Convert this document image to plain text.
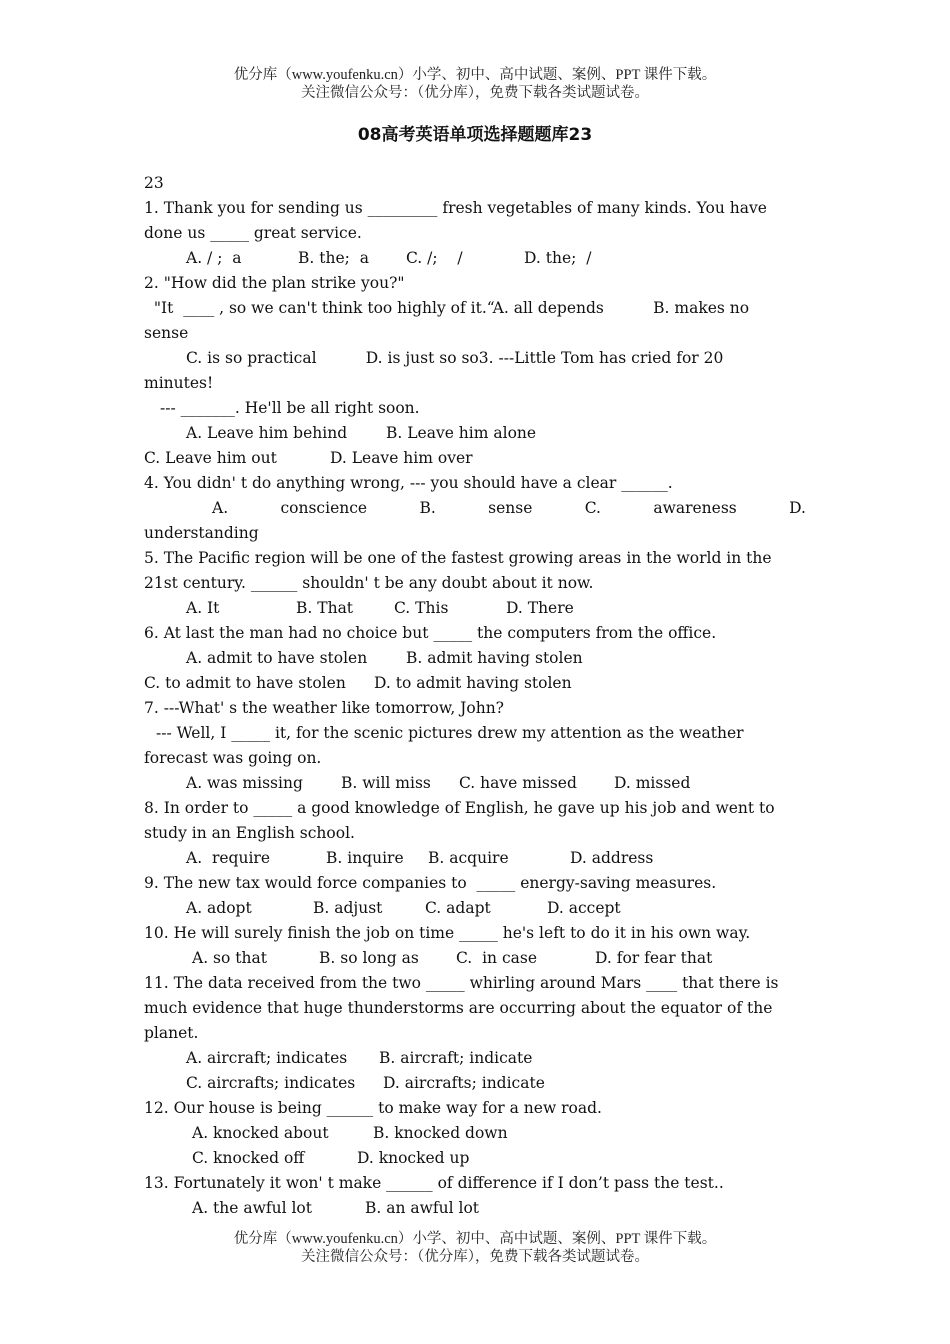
优分库（www.youfenku.cn）小学、初中、高中试题、案例、PPT 课件下载。
关注微信公众号：（优分库），免费下载各类试题试卷。
08高考英语单项选择题题库23

23

1. Thank you for sending us _________ fresh vegetables of many kinds. You have

done us _____ great service.

A. / ;  a	B. the;  a	C. /;    /	D. the;  /

2. "How did the plan strike you?"

"It  ____ , so we can't think too highly of it.“A. all depends          B. makes no

sense

C. is so practical          D. is just so so3. ---Little Tom has cried for 20

minutes!

--- _______. He'll be all right soon.

A. Leave him behind	B. Leave him alone
C. Leave him out	D. Leave him over

4. You didn' t do anything wrong, --- you should have a clear ______.

A.	conscience	B.	sense	C.	awareness	D.

understanding

5. The Pacific region will be one of the fastest growing areas in the world in the

21st century. ______ shouldn' t be any doubt about it now.

A. It	B. That	C. This	D. There

6. At last the man had no choice but _____ the computers from the office.

A. admit to have stolen	B. admit having stolen
C. to admit to have stolen	D. to admit having stolen

7. ---What' s the weather like tomorrow, John?

--- Well, I _____ it, for the scenic pictures drew my attention as the weather

forecast was going on.

A. was missing	B. will miss	C. have missed	D. missed

8. In order to _____ a good knowledge of English, he gave up his job and went to

study in an English school.

A.  require	B. inquire	B. acquire	D. address

9. The new tax would force companies to  _____ energy-saving measures.

A. adopt	B. adjust	C. adapt	D. accept

10. He will surely finish the job on time _____ he's left to do it in his own way.

A. so that	B. so long as	C.  in case	D. for fear that

11. The data received from the two _____ whirling around Mars ____ that there is

much evidence that huge thunderstorms are occurring about the equator of the

planet.

A. aircraft; indicates	B. aircraft; indicate
C. aircrafts; indicates	D. aircrafts; indicate

12. Our house is being ______ to make way for a new road.

A. knocked about	B. knocked down
C. knocked off	D. knocked up

13. Fortunately it won' t make ______ of difference if I don’t pass the test..

A. the awful lot	B. an awful lot
优分库（www.youfenku.cn）小学、初中、高中试题、案例、PPT 课件下载。
关注微信公众号：（优分库），免费下载各类试题试卷。
